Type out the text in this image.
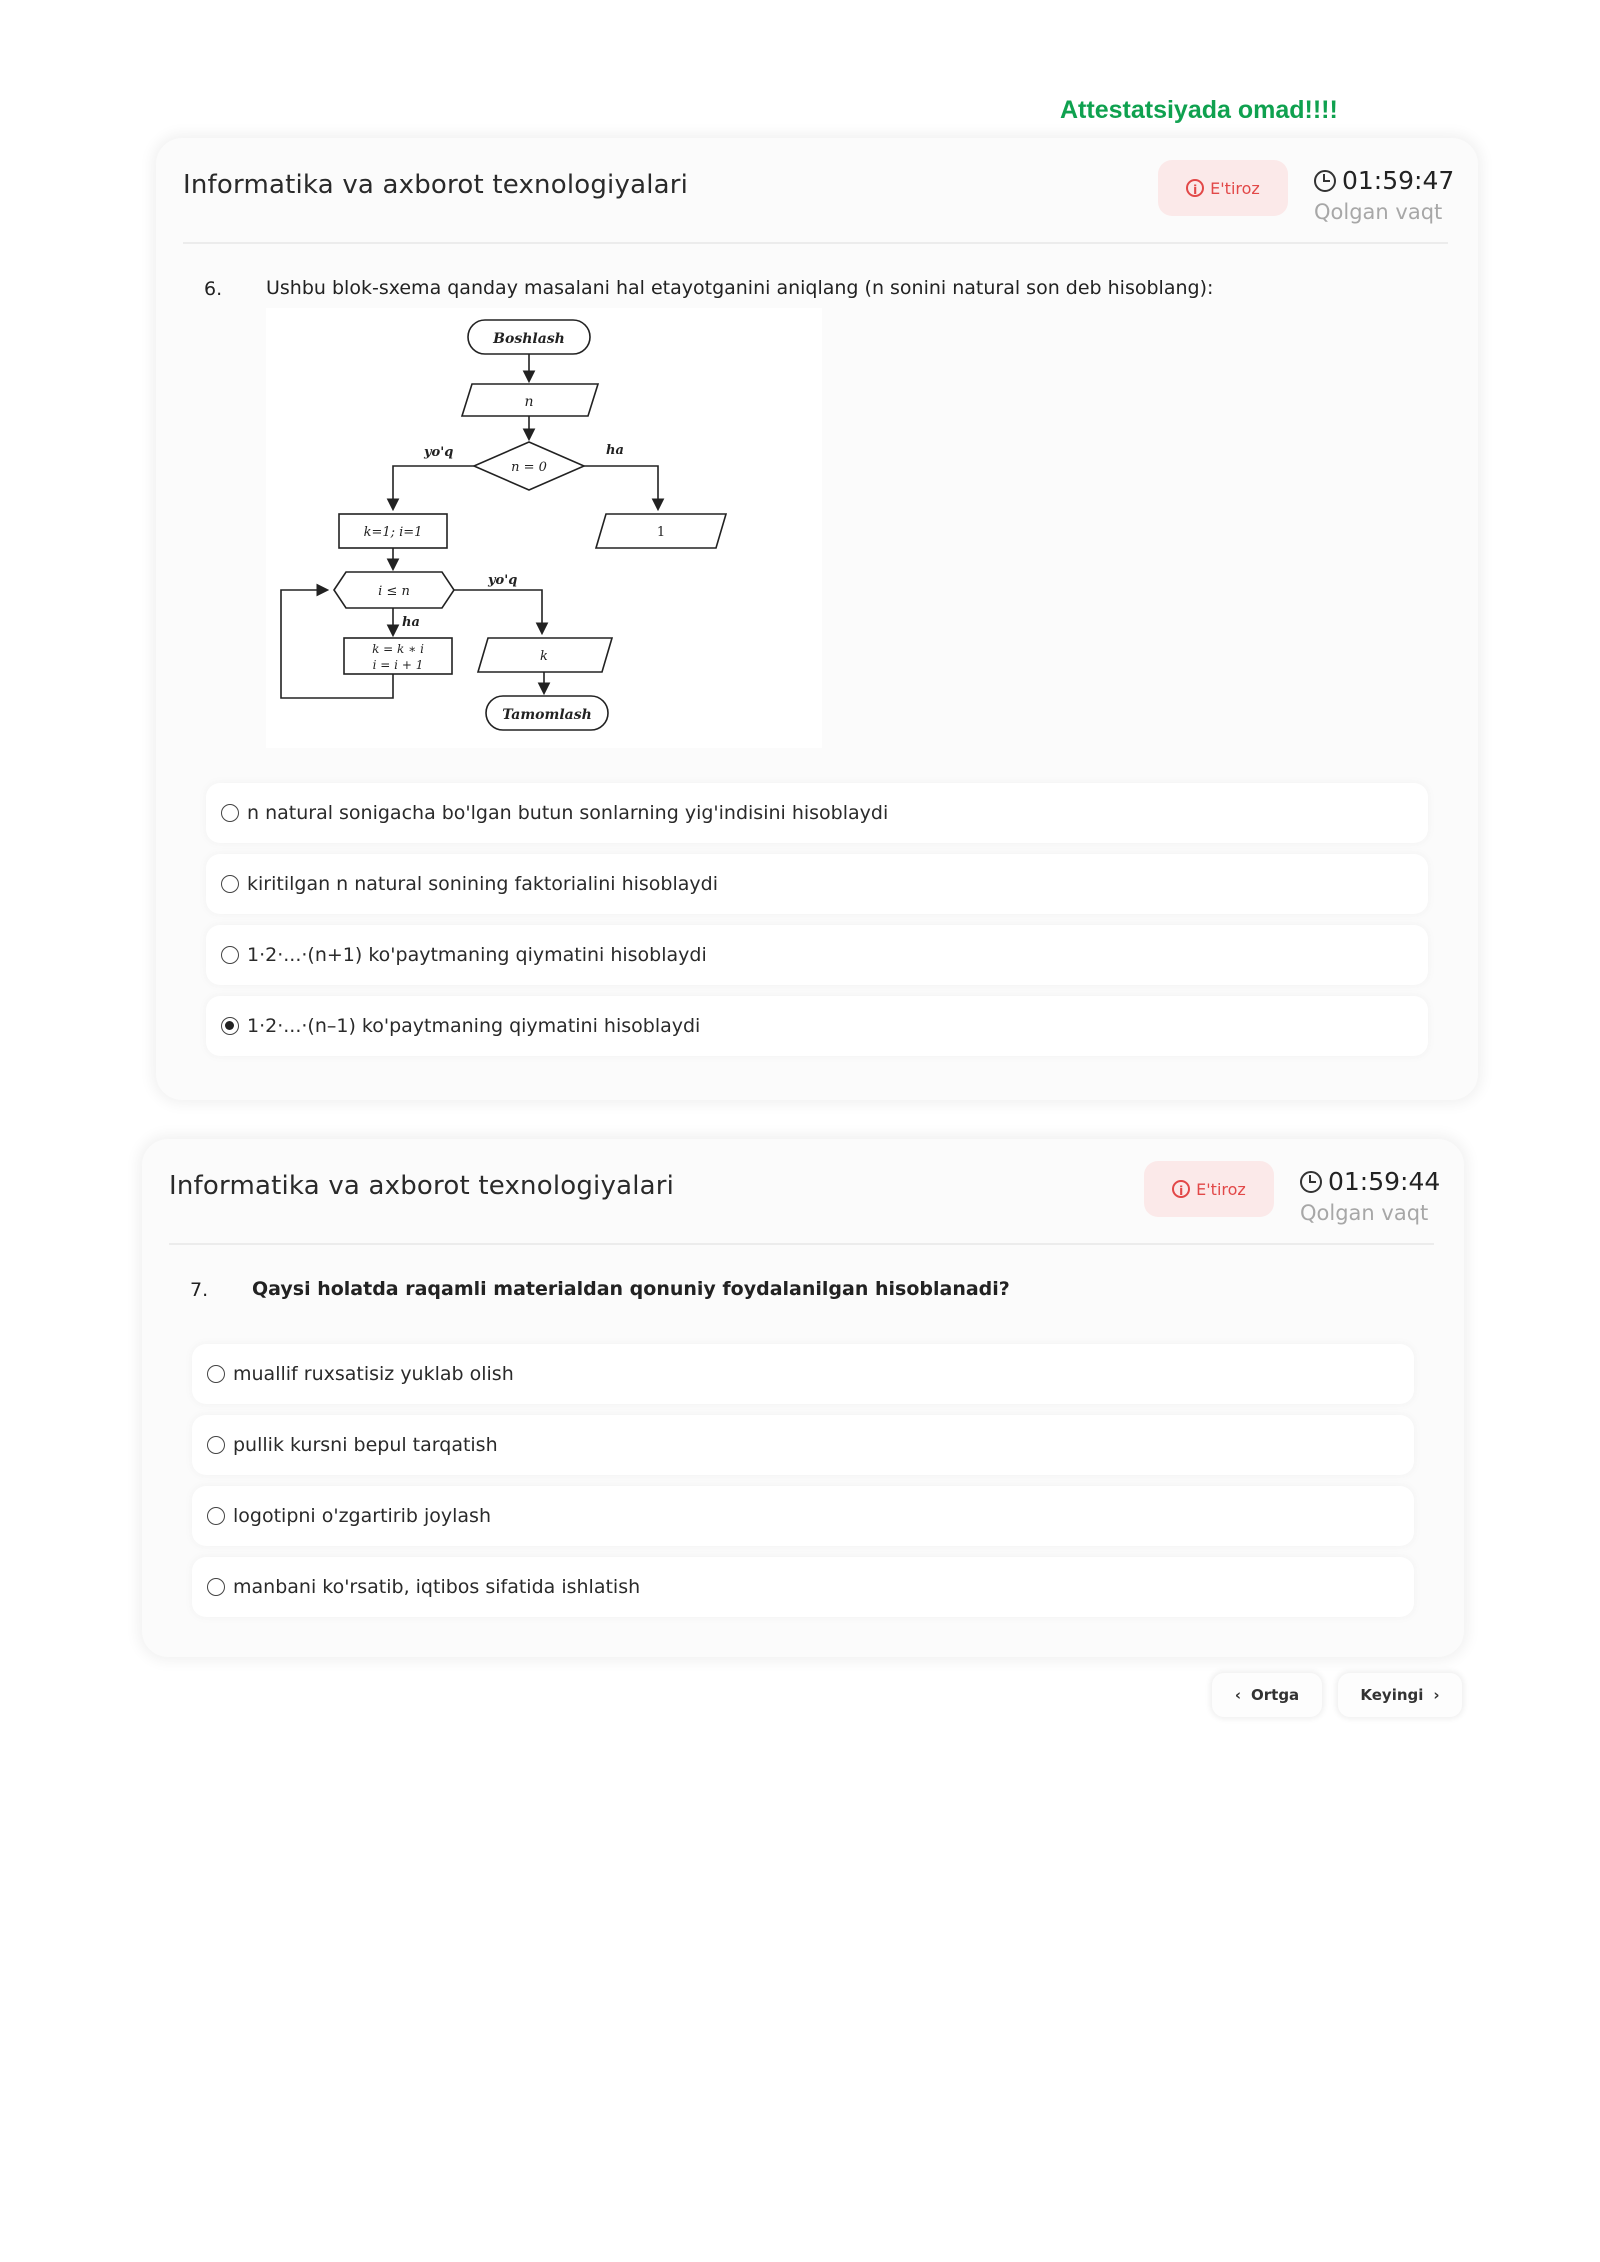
Attestatsiyada omad!!!!
Informatika va axborot texnologiyalari	i E'tiroz	01:59:47
Qolgan vaqt
6. Ushbu blok-sxema qanday masalani hal etayotganini aniqlang (n sonini natural son deb hisoblang):
Boshlash
n
n = 0
yo'q	ha
k=1; i=1	1
i ≤ n
yo'q
ha
k = k ∗ i
i = i + 1
k
Tamomlash
n natural sonigacha bo'lgan butun sonlarning yig'indisini hisoblaydi
kiritilgan n natural sonining faktorialini hisoblaydi
1·2·...·(n+1) ko'paytmaning qiymatini hisoblaydi
1·2·...·(n–1) ko'paytmaning qiymatini hisoblaydi
Informatika va axborot texnologiyalari	i E'tiroz	01:59:44
Qolgan vaqt
7. Qaysi holatda raqamli materialdan qonuniy foydalanilgan hisoblanadi?
muallif ruxsatisiz yuklab olish
pullik kursni bepul tarqatish
logotipni o'zgartirib joylash
manbani ko'rsatib, iqtibos sifatida ishlatish
‹ Ortga	Keyingi ›
